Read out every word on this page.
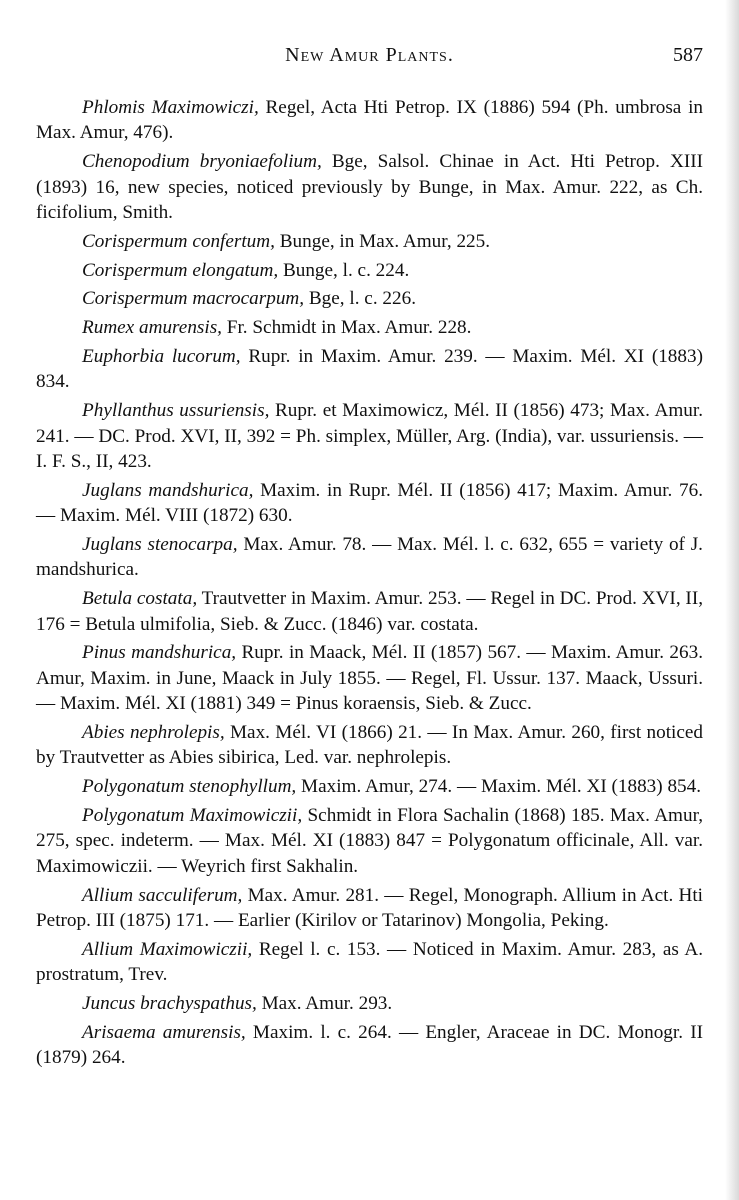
New Amur Plants.	587

Phlomis Maximowiczi, Regel, Acta Hti Petrop. IX (1886) 594 (Ph. umbrosa in Max. Amur, 476).

Chenopodium bryoniaefolium, Bge, Salsol. Chinae in Act. Hti Petrop. XIII (1893) 16, new species, noticed previously by Bunge, in Max. Amur. 222, as Ch. ficifolium, Smith.

Corispermum confertum, Bunge, in Max. Amur, 225.

Corispermum elongatum, Bunge, l. c. 224.

Corispermum macrocarpum, Bge, l. c. 226.

Rumex amurensis, Fr. Schmidt in Max. Amur. 228.

Euphorbia lucorum, Rupr. in Maxim. Amur. 239. — Maxim. Mél. XI (1883) 834.

Phyllanthus ussuriensis, Rupr. et Maximowicz, Mél. II (1856) 473; Max. Amur. 241. — DC. Prod. XVI, II, 392 = Ph. simplex, Müller, Arg. (India), var. ussuriensis. — I. F. S., II, 423.

Juglans mandshurica, Maxim. in Rupr. Mél. II (1856) 417; Maxim. Amur. 76. — Maxim. Mél. VIII (1872) 630.

Juglans stenocarpa, Max. Amur. 78. — Max. Mél. l. c. 632, 655 = variety of J. mandshurica.

Betula costata, Trautvetter in Maxim. Amur. 253. — Regel in DC. Prod. XVI, II, 176 = Betula ulmifolia, Sieb. & Zucc. (1846) var. costata.

Pinus mandshurica, Rupr. in Maack, Mél. II (1857) 567. — Maxim. Amur. 263. Amur, Maxim. in June, Maack in July 1855. — Regel, Fl. Ussur. 137. Maack, Ussuri. — Maxim. Mél. XI (1881) 349 = Pinus koraensis, Sieb. & Zucc.

Abies nephrolepis, Max. Mél. VI (1866) 21. — In Max. Amur. 260, first noticed by Trautvetter as Abies sibirica, Led. var. nephrolepis.

Polygonatum stenophyllum, Maxim. Amur, 274. — Maxim. Mél. XI (1883) 854.

Polygonatum Maximowiczii, Schmidt in Flora Sachalin (1868) 185. Max. Amur, 275, spec. indeterm. — Max. Mél. XI (1883) 847 = Polygonatum officinale, All. var. Maximowiczii. — Weyrich first Sakhalin.

Allium sacculiferum, Max. Amur. 281. — Regel, Monograph. Allium in Act. Hti Petrop. III (1875) 171. — Earlier (Kirilov or Tatarinov) Mongolia, Peking.

Allium Maximowiczii, Regel l. c. 153. — Noticed in Maxim. Amur. 283, as A. prostratum, Trev.

Juncus brachyspathus, Max. Amur. 293.

Arisaema amurensis, Maxim. l. c. 264. — Engler, Araceae in DC. Monogr. II (1879) 264.
